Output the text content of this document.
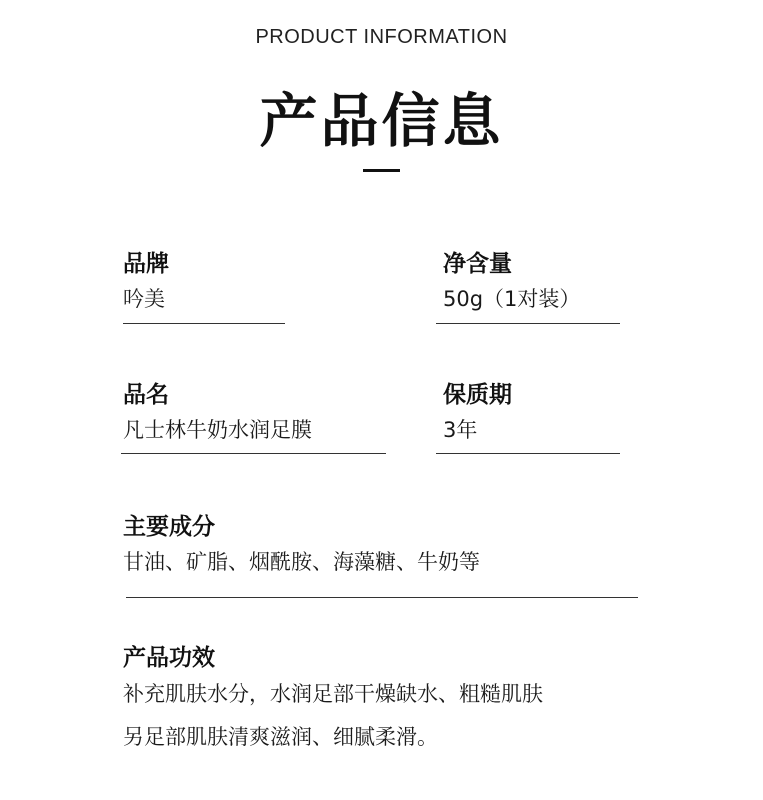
PRODUCT INFORMATION
产品信息
品牌
吟美
净含量
50g（1对装）
品名
凡士林牛奶水润足膜
保质期
3年
主要成分
甘油、矿脂、烟酰胺、海藻糖、牛奶等
产品功效
补充肌肤水分，水润足部干燥缺水、粗糙肌肤
另足部肌肤清爽滋润、细腻柔滑。
